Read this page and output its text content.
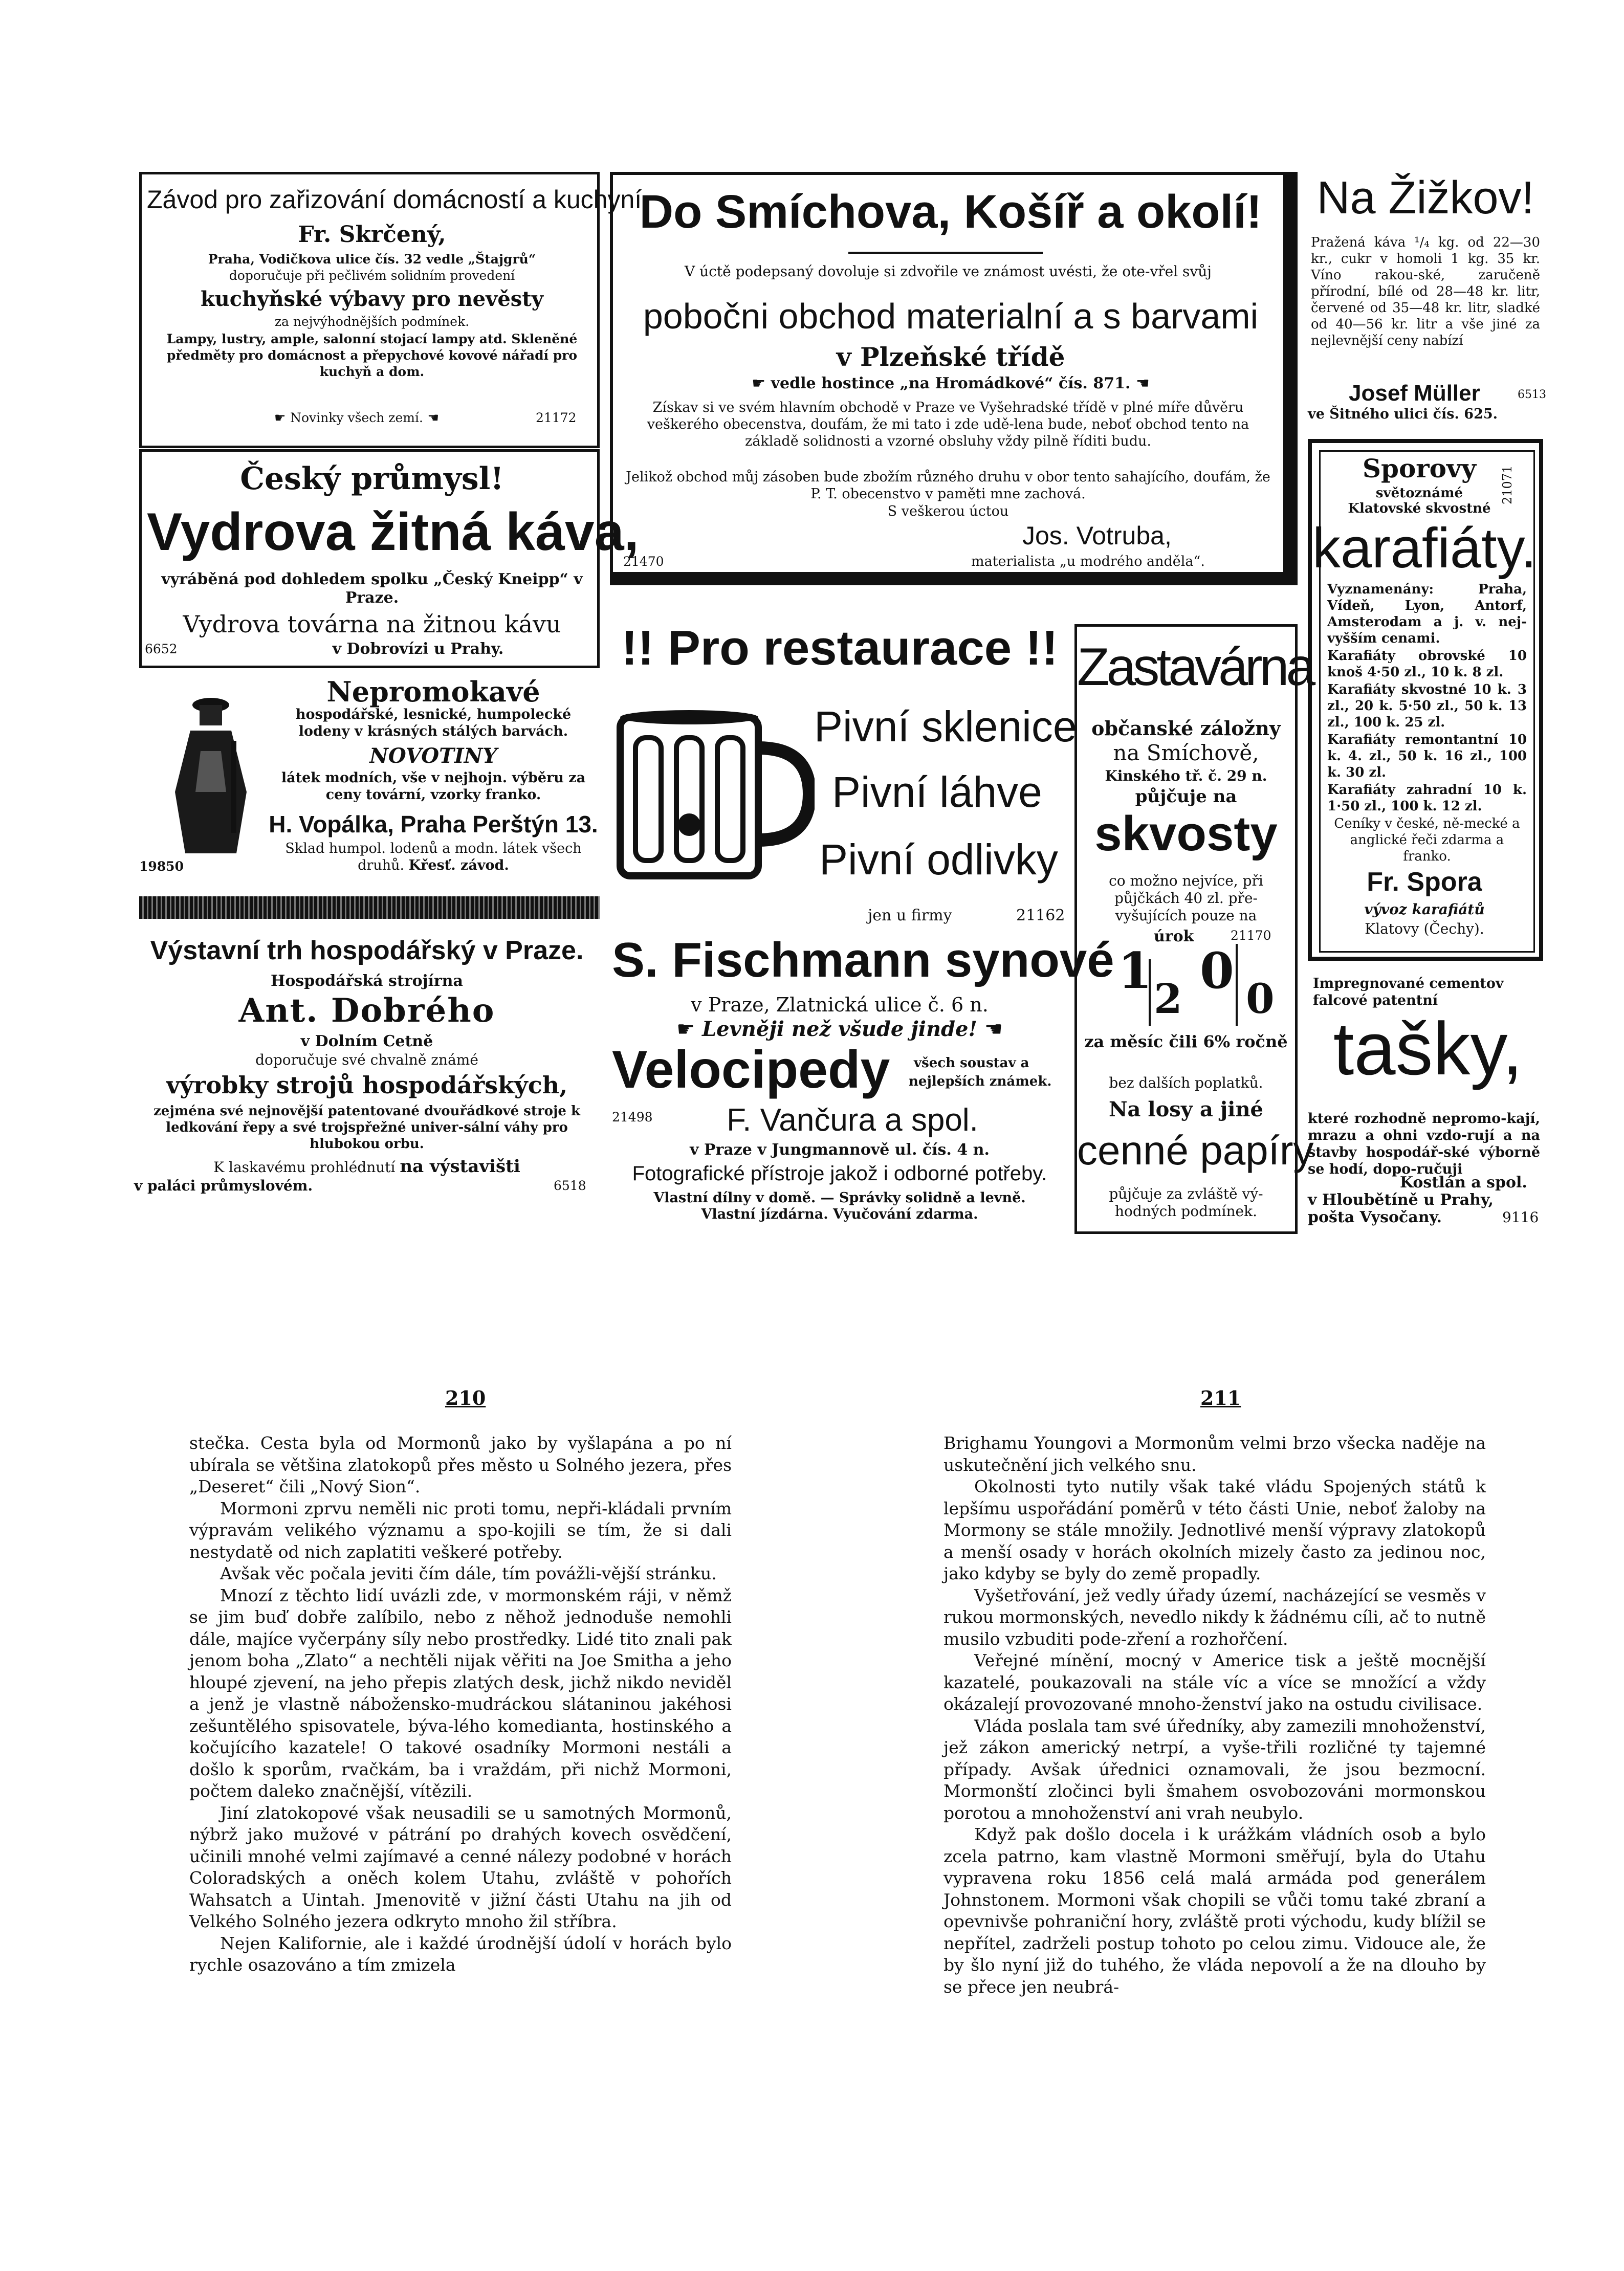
Závod pro zařizování domácností a kuchyní,
Fr. Skrčený,
Praha, Vodičkova ulice čís. 32 vedle „Štajgrů“
doporučuje při pečlivém solidním provedení
kuchyňské výbavy pro nevěsty
za nejvýhodnějších podmínek.
Lampy, lustry, ample, salonní stojací lampy atd. Skleněné předměty pro domácnost a přepychové kovové nářadí pro kuchyň a dom.
☛ Novinky všech zemí. ☚	21172
Český průmysl!
Vydrova žitná káva,
vyráběná pod dohledem spolku „Český Kneipp“ v Praze.
Vydrova továrna na žitnou kávu
6652	v Dobrovízi u Prahy.
Nepromokavé
hospodářské, lesnické, humpolecké lodeny v krásných stálých barvách.
NOVOTINY
látek modních, vše v nejhojn. výběru za ceny tovární, vzorky franko.
H. Vopálka, Praha Perštýn 13.
19850
Sklad humpol. lodenů a modn. látek všech druhů. Křesť. závod.
Výstavní trh hospodářský v Praze.
Hospodářská strojírna
Ant. Dobrého
v Dolním Cetně
doporučuje své chvalně známé
výrobky strojů hospodářských,
zejména své nejnovější patentované dvouřádkové stroje k ledkování řepy a své trojspřežné univer-sální váhy pro hlubokou orbu.
K laskavému prohlédnutí na výstavišti
v paláci průmyslovém.	6518
Do Smíchova, Košíř a okolí!
V úctě podepsaný dovoluje si zdvořile ve známost uvésti, že ote-vřel svůj
pobočni obchod materialní a s barvami
v Plzeňské třídě
☛ vedle hostince „na Hromádkové“ čís. 871. ☚
Získav si ve svém hlavním obchodě v Praze ve Vyšehradské třídě v plné míře důvěru veškerého obecenstva, doufám, že mi tato i zde udě-lena bude, neboť obchod tento na základě solidnosti a vzorné obsluhy vždy pilně říditi budu.
Jelikož obchod můj zásoben bude zbožím různého druhu v obor tento sahajícího, doufám, že P. T. obecenstvo v paměti mne zachová.
S veškerou úctou
Jos. Votruba,
21470	materialista „u modrého anděla“.
!! Pro restaurace !!
Pivní sklenice
Pivní láhve
Pivní odlivky
jen u firmy	21162
S. Fischmann synové
v Praze, Zlatnická ulice č. 6 n.
☛ Levněji než všude jinde! ☚
Velocipedy všech soustav a
nejlepších známek.
21498	F. Vančura a spol.
v Praze v Jungmannově ul. čís. 4 n.
Fotografické přístroje jakož i odborné potřeby.
Vlastní dílny v domě. — Správky solidně a levně.
Vlastní jízdárna. Vyučování zdarma.
Zastavárna
občanské záložny
na Smíchově,
Kinského tř. č. 29 n.
půjčuje na
skvosty
co možno nejvíce, při půjčkách 40 zl. pře-vyšujících pouze na
úrok	21170
1 2 0 0
za měsíc čili 6% ročně
bez dalších poplatků.
Na losy a jiné
cenné papíry
půjčuje za zvláště vý-hodných podmínek.
Na Žižkov!
Pražená káva ¹/₄ kg. od 22—30 kr., cukr v homoli 1 kg. 35 kr. Víno rakou-ské, zaručeně přírodní, bílé od 28—48 kr. litr, červené od 35—48 kr. litr, sladké od 40—56 kr. litr a vše jiné za nejlevnější ceny nabízí
Josef Müller	6513
ve Šitného ulici čís. 625.
Sporovy	21071
světoznámé
Klatovské skvostné
karafiáty.
Vyznamenány: Praha, Vídeň, Lyon, Antorf, Amsterodam a j. v. nej-vyšším cenami.
Karafiáty obrovské 10 knoš 4·50 zl., 10 k. 8 zl.
Karafiáty skvostné 10 k. 3 zl., 20 k. 5·50 zl., 50 k. 13 zl., 100 k. 25 zl.
Karafiáty remontantní 10 k. 4. zl., 50 k. 16 zl., 100 k. 30 zl.
Karafiáty zahradní 10 k. 1·50 zl., 100 k. 12 zl.
Ceníky v české, ně-mecké a anglické řeči zdarma a franko.
Fr. Spora
vývoz karafiátů
Klatovy (Čechy).
Impregnované cementov falcové patentní
tašky,
které rozhodně nepromo-kají, mrazu a ohni vzdo-rují a na stavby hospodář-ské výborně se hodí, dopo-ručuji
Kostlán a spol.
v Hloubětíně u Prahy,
pošta Vysočany.	9116
210	211

stečka. Cesta byla od Mormonů jako by vyšlapána a po ní ubírala se většina zlatokopů přes město u Solného jezera, přes „Deseret“ čili „Nový Sion“.

Mormoni zprvu neměli nic proti tomu, nepři-kládali prvním výpravám velikého významu a spo-kojili se tím, že si dali nestydatě od nich zaplatiti veškeré potřeby.

Avšak věc počala jeviti čím dále, tím povážli-vější stránku.

Mnozí z těchto lidí uvázli zde, v mormonském ráji, v němž se jim buď dobře zalíbilo, nebo z něhož jednoduše nemohli dále, majíce vyčerpány síly nebo prostředky. Lidé tito znali pak jenom boha „Zlato“ a nechtěli nijak věřiti na Joe Smitha a jeho hloupé zjevení, na jeho přepis zlatých desk, jichž nikdo neviděl a jenž je vlastně nábožensko-mudráckou slátaninou jakéhosi zešuntělého spisovatele, býva-lého komedianta, hostinského a kočujícího kazatele! O takové osadníky Mormoni nestáli a došlo k sporům, rvačkám, ba i vraždám, při nichž Mormoni, počtem daleko značnější, vítězili.

Jiní zlatokopové však neusadili se u samotných Mormonů, nýbrž jako mužové v pátrání po drahých kovech osvědčení, učinili mnohé velmi zajímavé a cenné nálezy podobné v horách Coloradských a oněch kolem Utahu, zvláště v pohořích Wahsatch a Uintah. Jmenovitě v jižní části Utahu na jih od Velkého Solného jezera odkryto mnoho žil stříbra.

Nejen Kalifornie, ale i každé úrodnější údolí v horách bylo rychle osazováno a tím zmizela

Brighamu Youngovi a Mormonům velmi brzo všecka naděje na uskutečnění jich velkého snu.

Okolnosti tyto nutily však také vládu Spojených států k lepšímu uspořádání poměrů v této části Unie, neboť žaloby na Mormony se stále množily. Jednotlivé menší výpravy zlatokopů a menší osady v horách okolních mizely často za jedinou noc, jako kdyby se byly do země propadly.

Vyšetřování, jež vedly úřady území, nacházející se vesměs v rukou mormonských, nevedlo nikdy k žádnému cíli, ač to nutně musilo vzbuditi pode-zření a rozhořčení.

Veřejné mínění, mocný v Americe tisk a ještě mocnější kazatelé, poukazovali na stále víc a více se množící a vždy okázalejí provozované mnoho-ženství jako na ostudu civilisace.

Vláda poslala tam své úředníky, aby zamezili mnohoženství, jež zákon americký netrpí, a vyše-třili rozličné ty tajemné případy. Avšak úřednici oznamovali, že jsou bezmocní. Mormonští zločinci byli šmahem osvobozováni mormonskou porotou a mnohoženství ani vrah neubylo.

Když pak došlo docela i k urážkám vládních osob a bylo zcela patrno, kam vlastně Mormoni směřují, byla do Utahu vypravena roku 1856 celá malá armáda pod generálem Johnstonem. Mormoni však chopili se vůči tomu také zbraní a opevnivše pohraniční hory, zvláště proti východu, kudy blížil se nepřítel, zadrželi postup tohoto po celou zimu. Vidouce ale, že by šlo nyní již do tuhého, že vláda nepovolí a že na dlouho by se přece jen neubrá-
